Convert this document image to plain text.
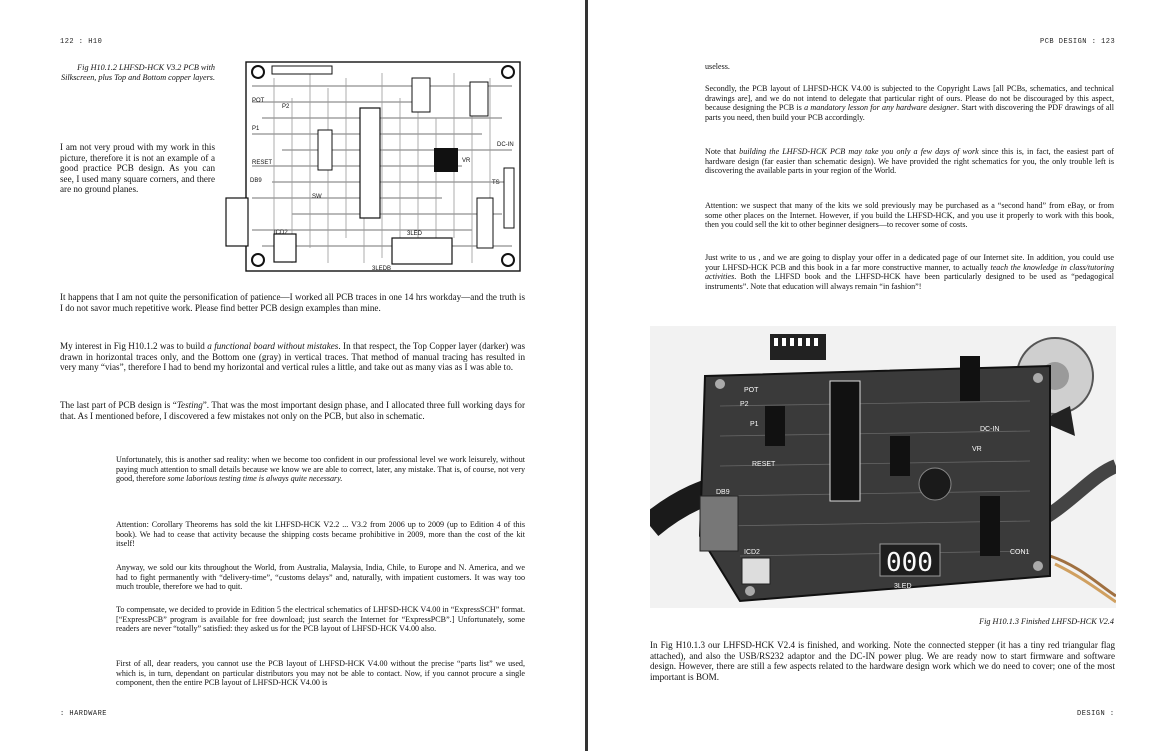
122 : H10
Fig H10.1.2 LHFSD-HCK V3.2 PCB with Silkscreen, plus Top and Bottom copper layers.
POT
P1
RESET
DB9
ICD2
DC-IN
VR
3LED
3LEDB
P2
SW
TS
I am not very proud with my work in this picture, therefore it is not an example of a good practice PCB design. As you can see, I used many square corners, and there are no ground planes.
It happens that I am not quite the personification of patience—I worked all PCB traces in one 14 hrs workday—and the truth is I do not savor much repetitive work. Please find better PCB design examples than mine.

My interest in Fig H10.1.2 was to build a functional board without mistakes. In that respect, the Top Copper layer (darker) was drawn in horizontal traces only, and the Bottom one (gray) in vertical traces. That method of manual tracing has resulted in very many “vias”, therefore I had to bend my horizontal and vertical rules a little, and take out as many vias as I was able to.

The last part of PCB design is “Testing”. That was the most important design phase, and I allocated three full working days for that. As I mentioned before, I discovered a few mistakes not only on the PCB, but also in schematic.

Unfortunately, this is another sad reality: when we become too confident in our professional level we work leisurely, without paying much attention to small details because we know we are able to correct, later, any mistake. That is, of course, not very good, therefore some laborious testing time is always quite necessary.

Attention: Corollary Theorems has sold the kit LHFSD-HCK V2.2 ... V3.2 from 2006 up to 2009 (up to Edition 4 of this book). We had to cease that activity because the shipping costs became prohibitive in 2009, more than the cost of the kit itself!
Anyway, we sold our kits throughout the World, from Australia, Malaysia, India, Chile, to Europe and N. America, and we had to fight permanently with “delivery-time”, “customs delays” and, naturally, with impatient customers. It was way too much trouble, therefore we had to quit.
To compensate, we decided to provide in Edition 5 the electrical schematics of LHFSD-HCK V4.00 in “ExpressSCH” format. [“ExpressPCB” program is available for free download; just search the Internet for “ExpressPCB”.] Unfortunately, some readers are never “totally” satisfied: they asked us for the PCB layout of LHFSD-HCK V4.00 also.
First of all, dear readers, you cannot use the PCB layout of LHFSD-HCK V4.00 without the precise “parts list” we used, which is, in turn, dependant on particular distributors you may not be able to contact. Now, if you cannot procure a single component, then the entire PCB layout of LHFSD-HCK V4.00 is
: HARDWARE
PCB DESIGN : 123
useless.

Secondly, the PCB layout of LHFSD-HCK V4.00 is subjected to the Copyright Laws [all PCBs, schematics, and technical drawings are], and we do not intend to delegate that particular right of ours. Please do not be discouraged by this aspect, because designing the PCB is a mandatory lesson for any hardware designer. Start with discovering the PDF drawings of all parts you need, then build your PCB accordingly.

Note that building the LHFSD-HCK PCB may take you only a few days of work since this is, in fact, the easiest part of hardware design (far easier than schematic design). We have provided the right schematics for you, the only trouble left is discovering the available parts in your region of the World.

Attention: we suspect that many of the kits we sold previously may be purchased as a “second hand” from eBay, or from some other places on the Internet. However, if you build the LHFSD-HCK, and you use it properly to work with this book, then you could sell the kit to other beginner designers—to recover some of costs.

Just write to us , and we are going to display your offer in a dedicated page of our Internet site. In addition, you could use your LHFSD-HCK PCB and this book in a far more constructive manner, to actually teach the knowledge in class/tutoring activities. Both the LHFSD book and the LHFSD-HCK have been particularly designed to be used as “pedagogical instruments”. Note that education will always remain “in fashion”!

000
POT
P2
P1
RESET
DB9
ICD2
DC-IN
VR
3LED
CON1
Fig H10.1.3 Finished LHFSD-HCK V2.4
In Fig H10.1.3 our LHFSD-HCK V2.4 is finished, and working. Note the connected stepper (it has a tiny red triangular flag attached), and also the USB/RS232 adaptor and the DC-IN power plug. We are ready now to start firmware and software design. However, there are still a few aspects related to the hardware design work which we do need to cover; one of the most important is BOM.
DESIGN :
